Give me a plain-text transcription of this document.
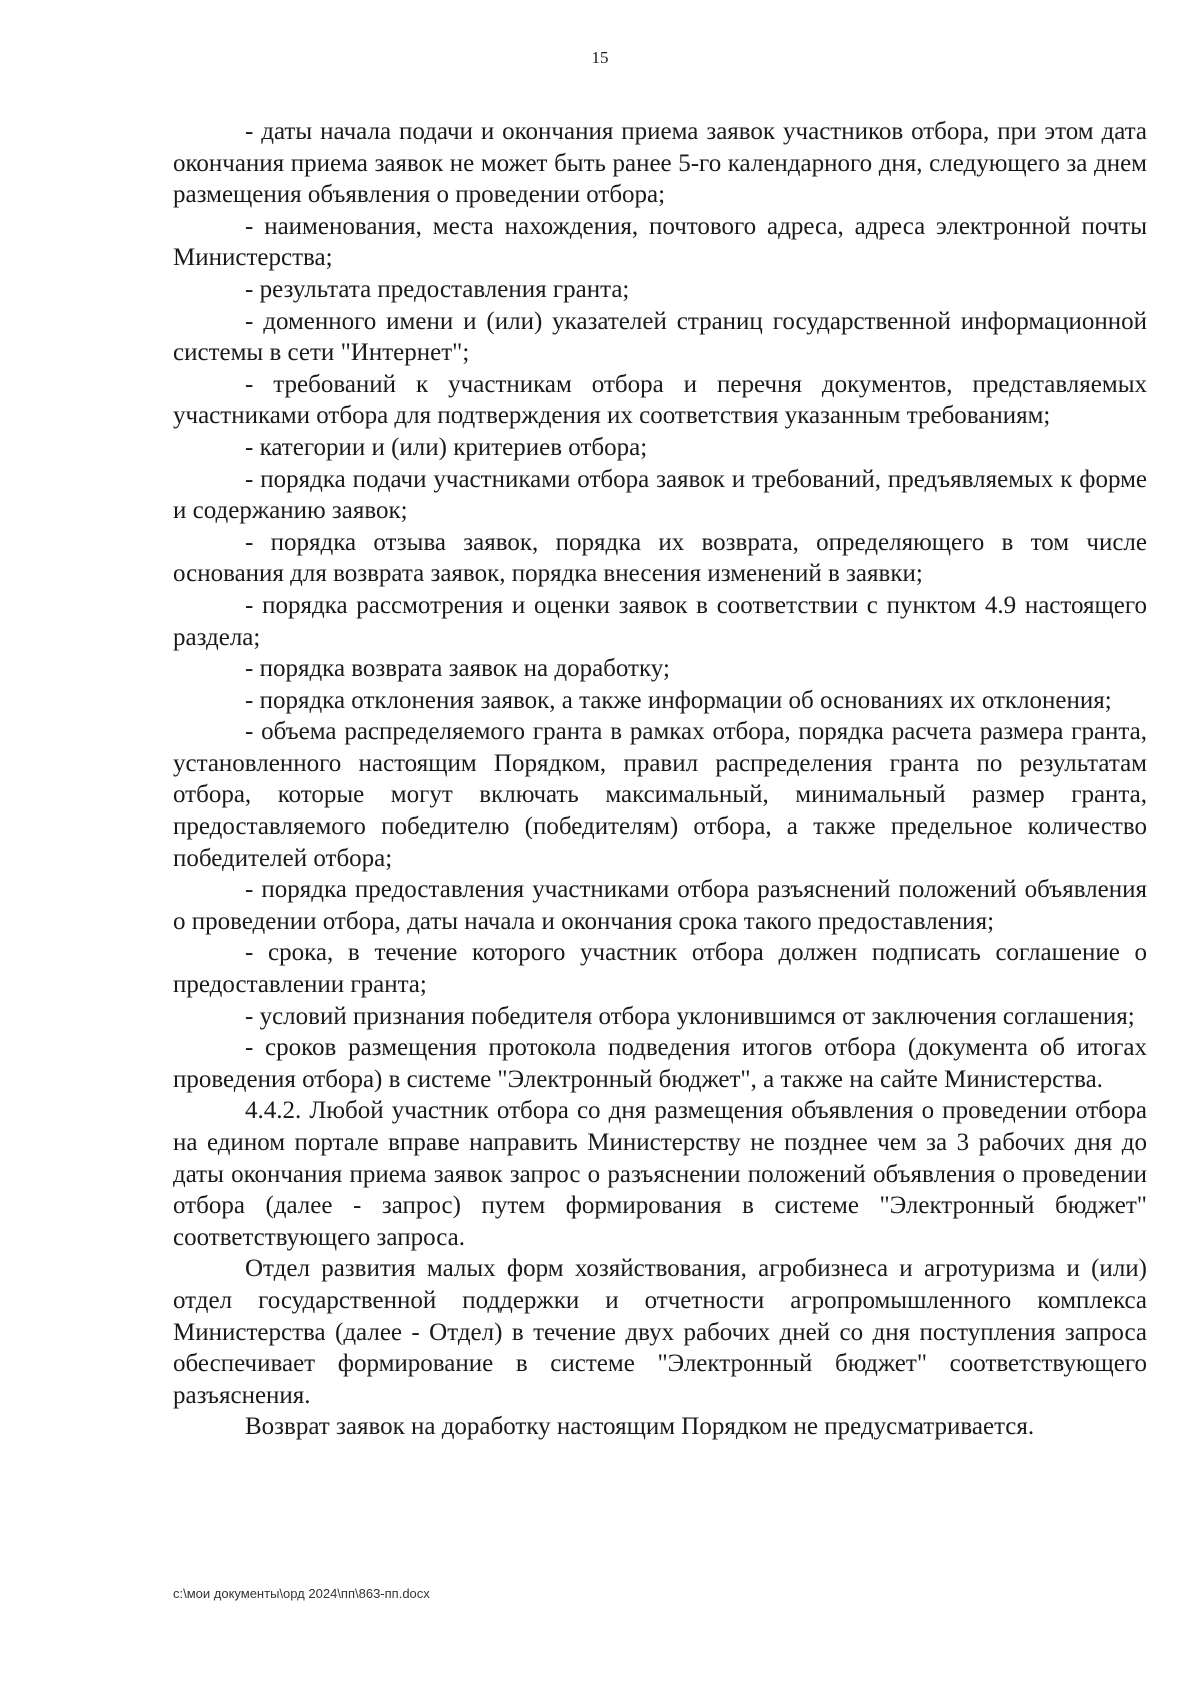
15

- даты начала подачи и окончания приема заявок участников отбора, при этом дата окончания приема заявок не может быть ранее 5-го календарного дня, следующего за днем размещения объявления о проведении отбора;

- наименования, места нахождения, почтового адреса, адреса электронной почты Министерства;

- результата предоставления гранта;

- доменного имени и (или) указателей страниц государственной информационной системы в сети "Интернет";

- требований к участникам отбора и перечня документов, представляемых участниками отбора для подтверждения их соответствия указанным требованиям;

- категории и (или) критериев отбора;

- порядка подачи участниками отбора заявок и требований, предъявляемых к форме и содержанию заявок;

- порядка отзыва заявок, порядка их возврата, определяющего в том числе основания для возврата заявок, порядка внесения изменений в заявки;

- порядка рассмотрения и оценки заявок в соответствии с пунктом 4.9 настоящего раздела;

- порядка возврата заявок на доработку;

- порядка отклонения заявок, а также информации об основаниях их отклонения;

- объема распределяемого гранта в рамках отбора, порядка расчета размера гранта, установленного настоящим Порядком, правил распределения гранта по результатам отбора, которые могут включать максимальный, минимальный размер гранта, предоставляемого победителю (победителям) отбора, а также предельное количество победителей отбора;

- порядка предоставления участниками отбора разъяснений положений объявления о проведении отбора, даты начала и окончания срока такого предоставления;

- срока, в течение которого участник отбора должен подписать соглашение о предоставлении гранта;

- условий признания победителя отбора уклонившимся от заключения соглашения;

- сроков размещения протокола подведения итогов отбора (документа об итогах проведения отбора) в системе "Электронный бюджет", а также на сайте Министерства.

4.4.2. Любой участник отбора со дня размещения объявления о проведении отбора на едином портале вправе направить Министерству не позднее чем за 3 рабочих дня до даты окончания приема заявок запрос о разъяснении положений объявления о проведении отбора (далее - запрос) путем формирования в системе "Электронный бюджет" соответствующего запроса.

Отдел развития малых форм хозяйствования, агробизнеса и агротуризма и (или) отдел государственной поддержки и отчетности агропромышленного комплекса Министерства (далее - Отдел) в течение двух рабочих дней со дня поступления запроса обеспечивает формирование в системе "Электронный бюджет" соответствующего разъяснения.

Возврат заявок на доработку настоящим Порядком не предусматривается.

c:\мои документы\орд 2024\пп\863-пп.docx
